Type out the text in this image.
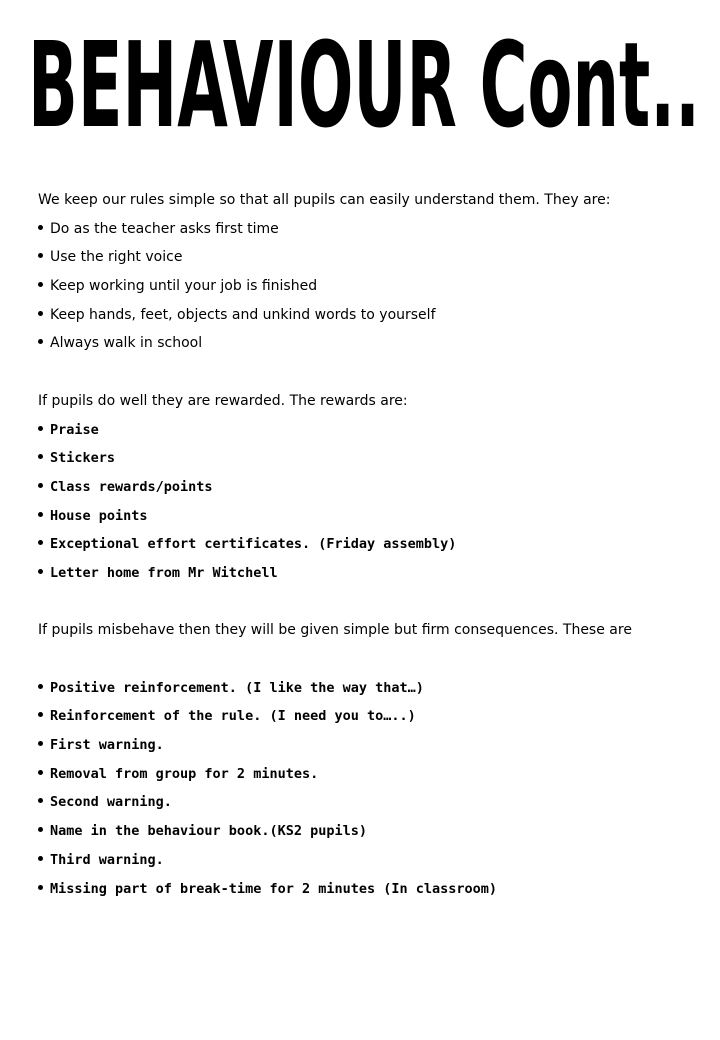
BEHAVIOUR Cont..

We keep our rules simple so that all pupils can easily understand them. They are:

Do as the teacher asks first time
Use the right voice
Keep working until your job is finished
Keep hands, feet, objects and unkind words to yourself
Always walk in school

If pupils do well they are rewarded. The rewards are:

Praise
Stickers
Class rewards/points
House points
Exceptional effort certificates. (Friday assembly)
Letter home from Mr Witchell

If pupils misbehave then they will be given simple but firm consequences. These are

Positive reinforcement. (I like the way that…)
Reinforcement of the rule. (I need you to…..)
First warning.
Removal from group for 2 minutes.
Second warning.
Name in the behaviour book.(KS2 pupils)
Third warning.
Missing part of break-time for 2 minutes (In classroom)
